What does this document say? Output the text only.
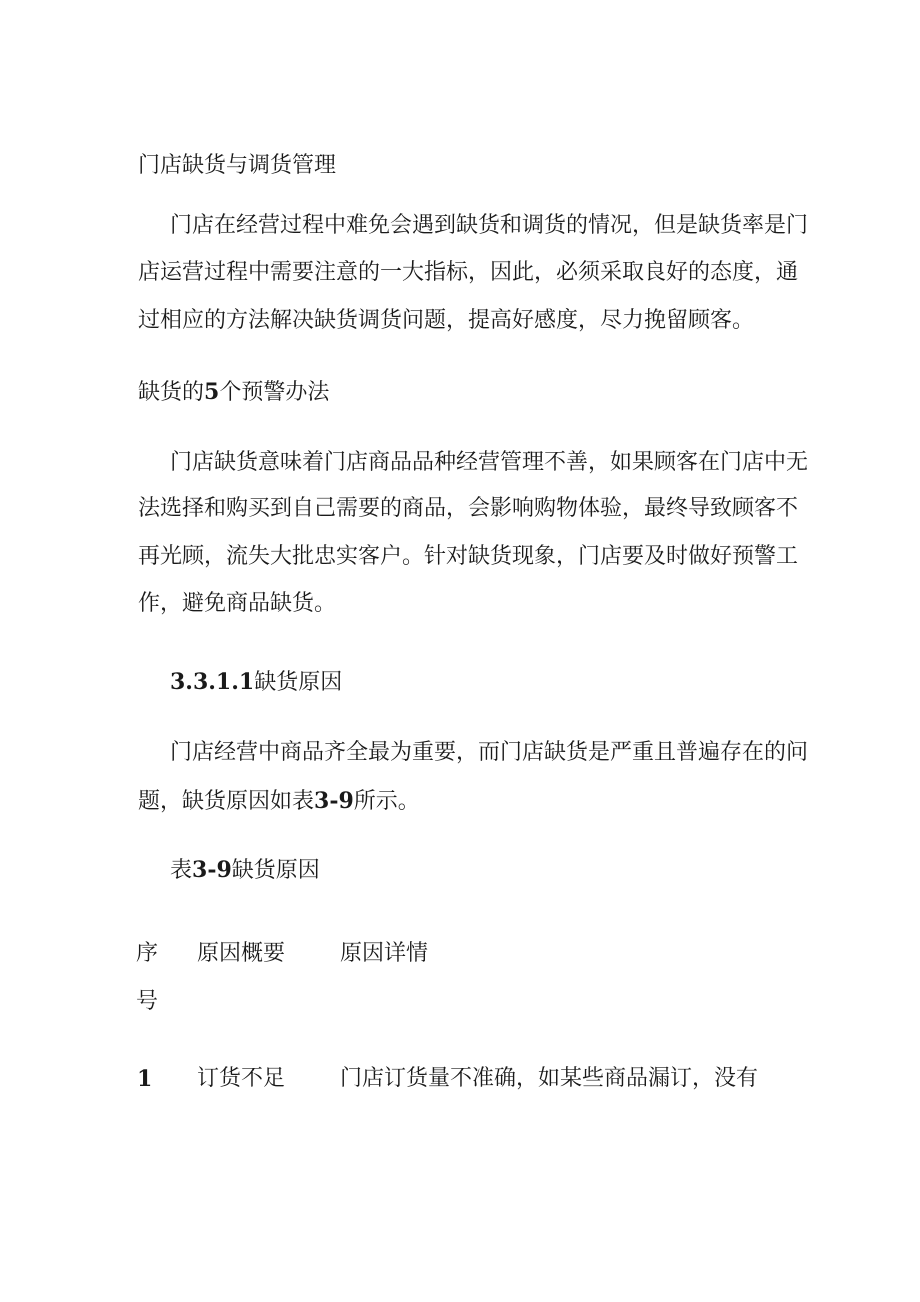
门店缺货与调货管理
门店在经营过程中难免会遇到缺货和调货的情况，但是缺货率是门
店运营过程中需要注意的一大指标，因此，必须采取良好的态度，通
过相应的方法解决缺货调货问题，提高好感度，尽力挽留顾客。
缺货的5个预警办法
门店缺货意味着门店商品品种经营管理不善，如果顾客在门店中无
法选择和购买到自己需要的商品，会影响购物体验，最终导致顾客不
再光顾，流失大批忠实客户。针对缺货现象，门店要及时做好预警工
作，避免商品缺货。
3.3.1.1缺货原因
门店经营中商品齐全最为重要，而门店缺货是严重且普遍存在的问
题，缺货原因如表3-9所示。
表3-9缺货原因
序
号
原因概要 原因详情
1 订货不足 门店订货量不准确，如某些商品漏订，没有
